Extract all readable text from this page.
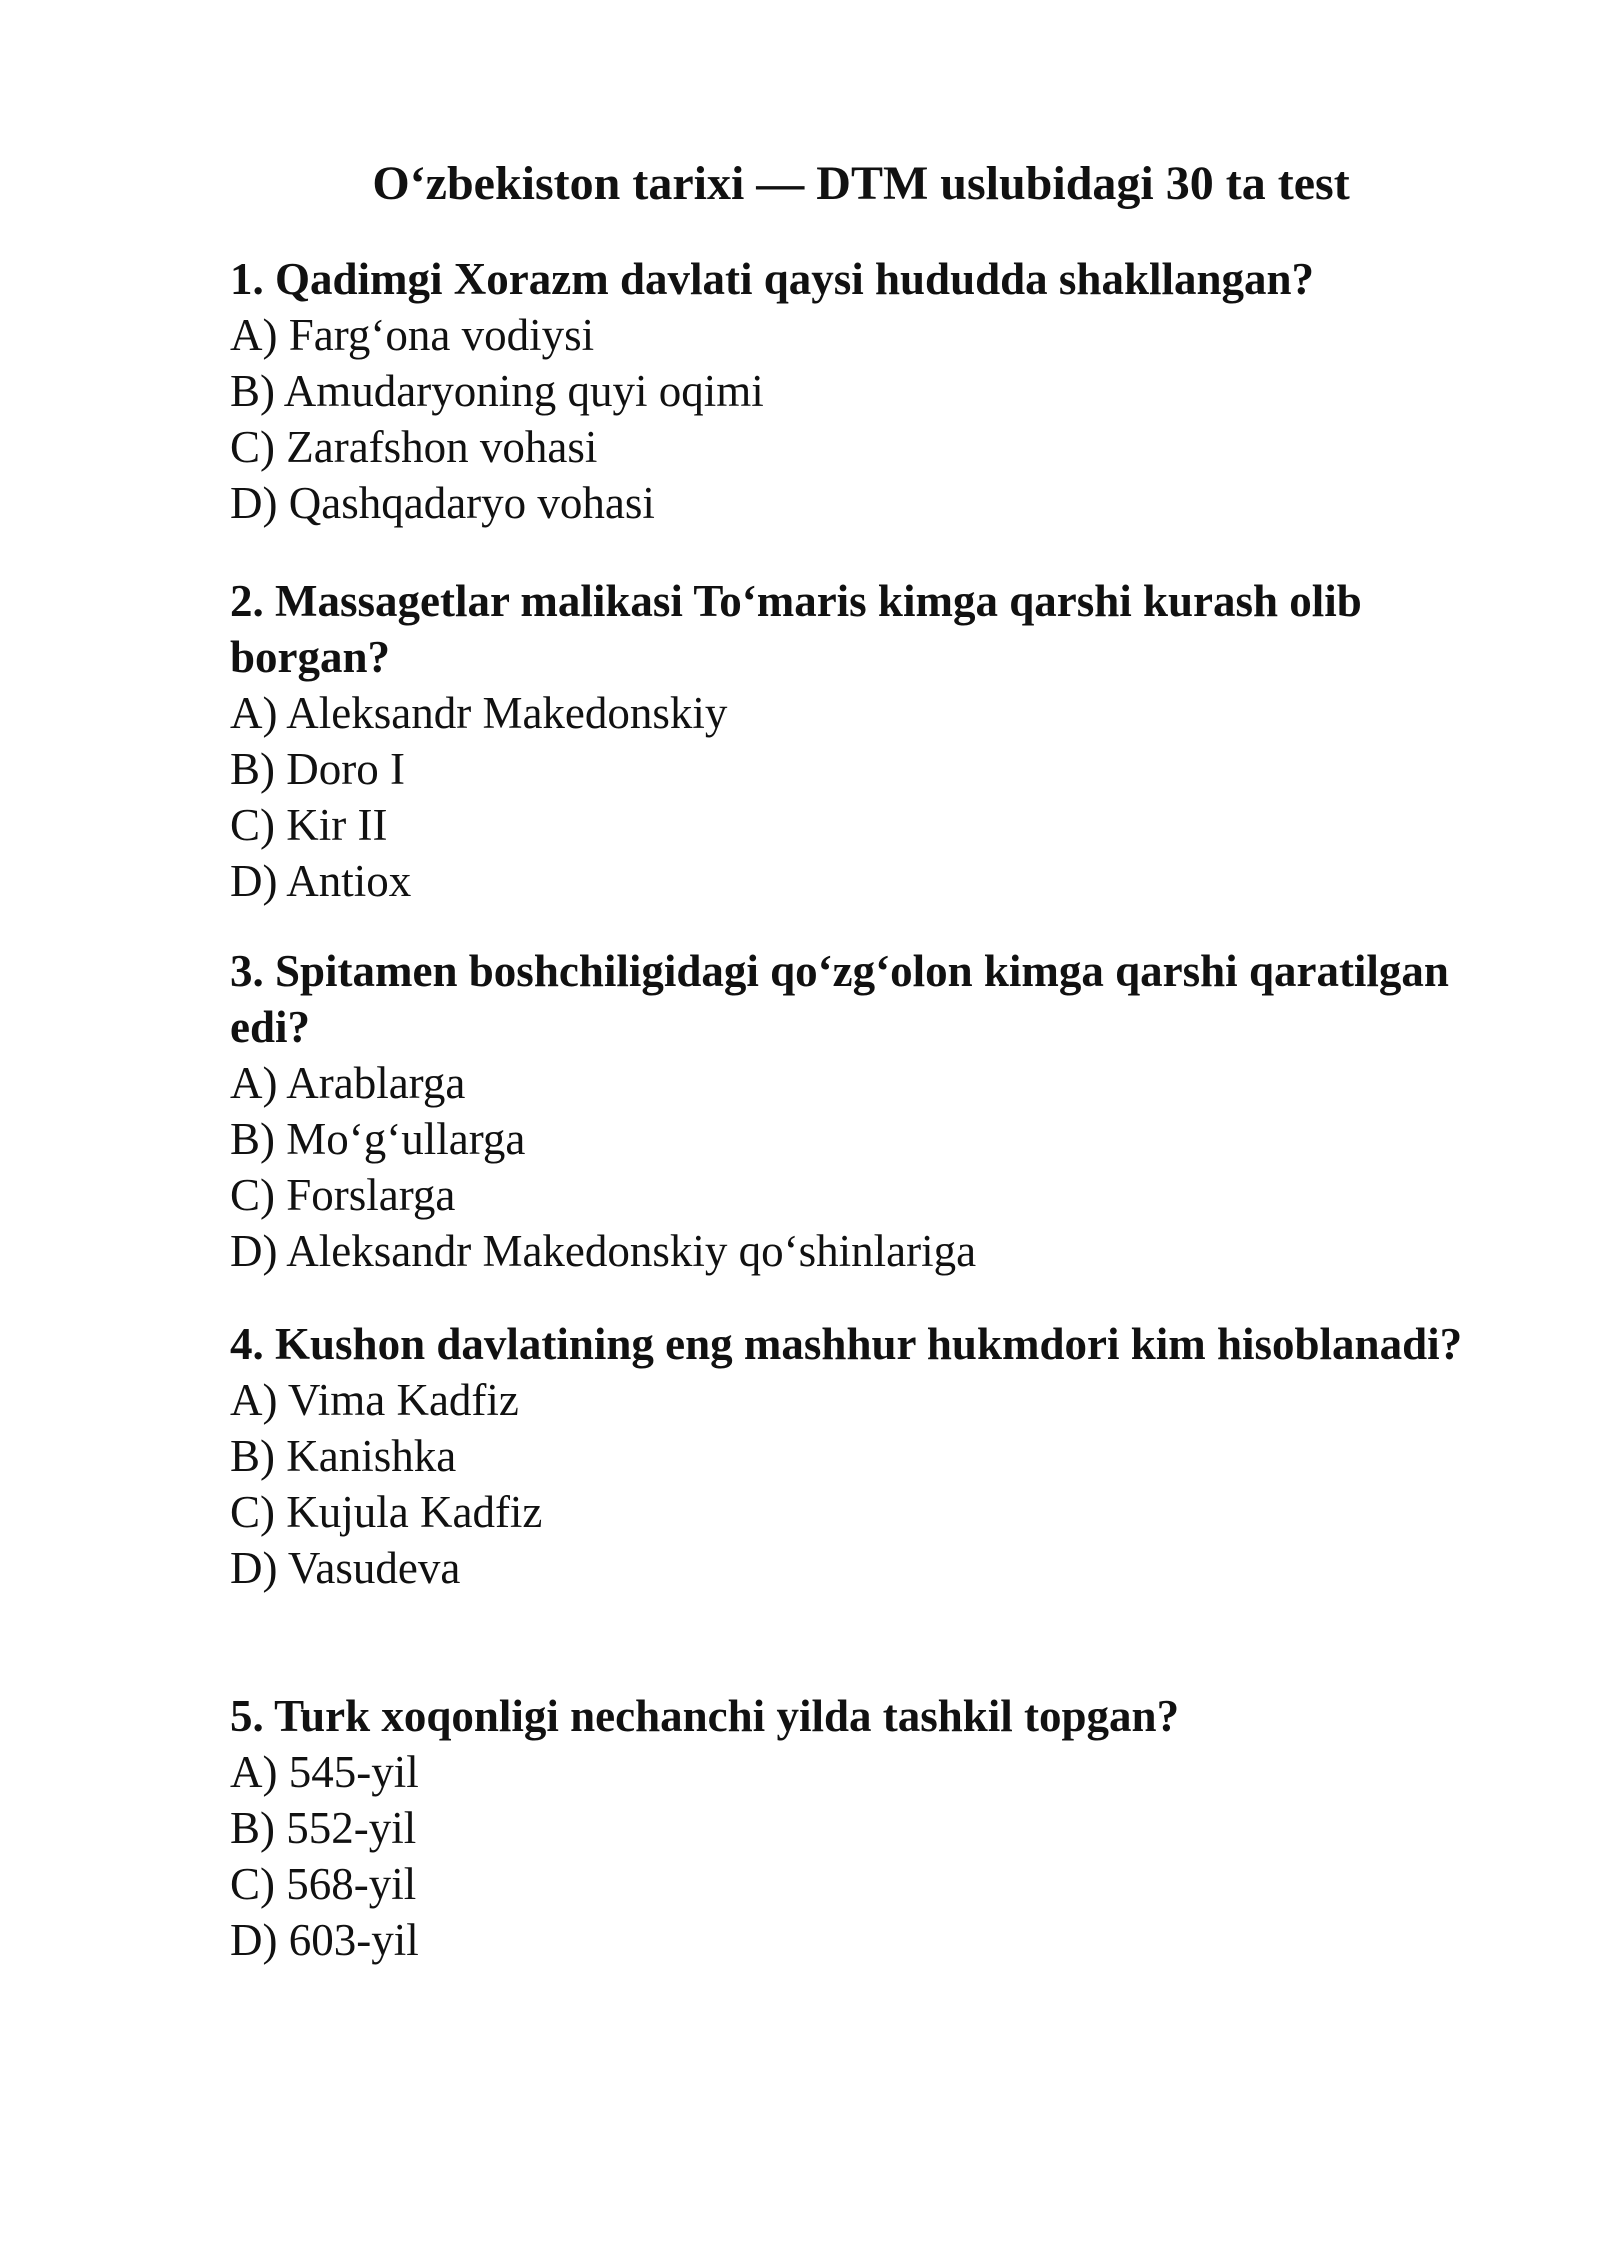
O‘zbekiston tarixi — DTM uslubidagi 30 ta test

1. Qadimgi Xorazm davlati qaysi hududda shakllangan?

A) Farg‘ona vodiysi
B) Amudaryoning quyi oqimi
C) Zarafshon vohasi
D) Qashqadaryo vohasi

2. Massagetlar malikasi To‘maris kimga qarshi kurash olib borgan?

A) Aleksandr Makedonskiy
B) Doro I
C) Kir II
D) Antiox

3. Spitamen boshchiligidagi qo‘zg‘olon kimga qarshi qaratilgan edi?

A) Arablarga
B) Mo‘g‘ullarga
C) Forslarga
D) Aleksandr Makedonskiy qo‘shinlariga

4. Kushon davlatining eng mashhur hukmdori kim hisoblanadi?

A) Vima Kadfiz
B) Kanishka
C) Kujula Kadfiz
D) Vasudeva

5. Turk xoqonligi nechanchi yilda tashkil topgan?

A) 545-yil
B) 552-yil
C) 568-yil
D) 603-yil
